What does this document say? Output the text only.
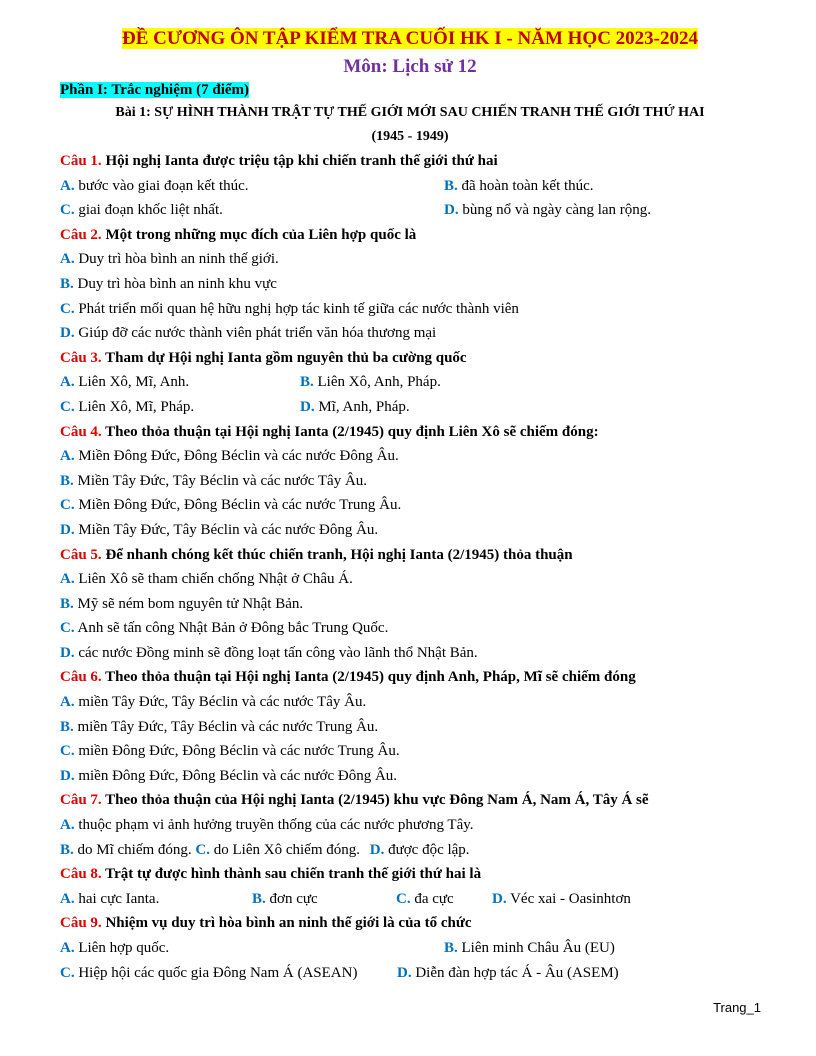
ĐỀ CƯƠNG ÔN TẬP KIỂM TRA CUỐI HK I - NĂM HỌC 2023-2024
Môn: Lịch sử 12
Phần I: Trắc nghiệm (7 điểm)
Bài 1: SỰ HÌNH THÀNH TRẬT TỰ THẾ GIỚI MỚI SAU CHIẾN TRANH THẾ GIỚI THỨ HAI
(1945 - 1949)
Câu 1. Hội nghị Ianta được triệu tập khi chiến tranh thế giới thứ hai
A. bước vào giai đoạn kết thúc.	B. đã hoàn toàn kết thúc.
C. giai đoạn khốc liệt nhất.	D. bùng nổ và ngày càng lan rộng.
Câu 2. Một trong những mục đích của Liên hợp quốc là
A. Duy trì hòa bình an ninh thế giới.
B. Duy trì hòa bình an ninh khu vực
C. Phát triển mối quan hệ hữu nghị hợp tác kinh tế giữa các nước thành viên
D. Giúp đỡ các nước thành viên phát triển văn hóa thương mại
Câu 3. Tham dự Hội nghị Ianta gồm nguyên thủ ba cường quốc
A. Liên Xô, Mĩ, Anh.	B. Liên Xô, Anh, Pháp.
C. Liên Xô, Mĩ, Pháp.	D. Mĩ, Anh, Pháp.
Câu 4. Theo thỏa thuận tại Hội nghị Ianta (2/1945) quy định Liên Xô sẽ chiếm đóng:
A. Miền Đông Đức, Đông Béclin và các nước Đông Âu.
B. Miền Tây Đức, Tây Béclin và các nước Tây Âu.
C. Miền Đông Đức, Đông Béclin và các nước Trung Âu.
D. Miền Tây Đức, Tây Béclin và các nước Đông Âu.
Câu 5. Để nhanh chóng kết thúc chiến tranh, Hội nghị Ianta (2/1945) thỏa thuận
A. Liên Xô sẽ tham chiến chống Nhật ở Châu Á.
B. Mỹ sẽ ném bom nguyên tử Nhật Bản.
C. Anh sẽ tấn công Nhật Bản ở Đông bắc Trung Quốc.
D. các nước Đồng minh sẽ đồng loạt tấn công vào lãnh thổ Nhật Bản.
Câu 6. Theo thỏa thuận tại Hội nghị Ianta (2/1945) quy định Anh, Pháp, Mĩ sẽ chiếm đóng
A. miền Tây Đức, Tây Béclin và các nước Tây Âu.
B. miền Tây Đức, Tây Béclin và các nước Trung Âu.
C. miền Đông Đức, Đông Béclin và các nước Trung Âu.
D. miền Đông Đức, Đông Béclin và các nước Đông Âu.
Câu 7. Theo thỏa thuận của Hội nghị Ianta (2/1945) khu vực Đông Nam Á, Nam Á, Tây Á sẽ
A. thuộc phạm vi ảnh hưởng truyền thống của các nước phương Tây.
B. do Mĩ chiếm đóng. C. do Liên Xô chiếm đóng. D. được độc lập.
Câu 8. Trật tự được hình thành sau chiến tranh thế giới thứ hai là
A. hai cực Ianta.	B. đơn cực	C. đa cực	D. Véc xai - Oasinhtơn
Câu 9. Nhiệm vụ duy trì hòa bình an ninh thế giới là của tổ chức
A. Liên hợp quốc.	B. Liên minh Châu Âu (EU)
C. Hiệp hội các quốc gia Đông Nam Á (ASEAN)	D. Diễn đàn hợp tác Á - Âu (ASEM)
Trang_1
